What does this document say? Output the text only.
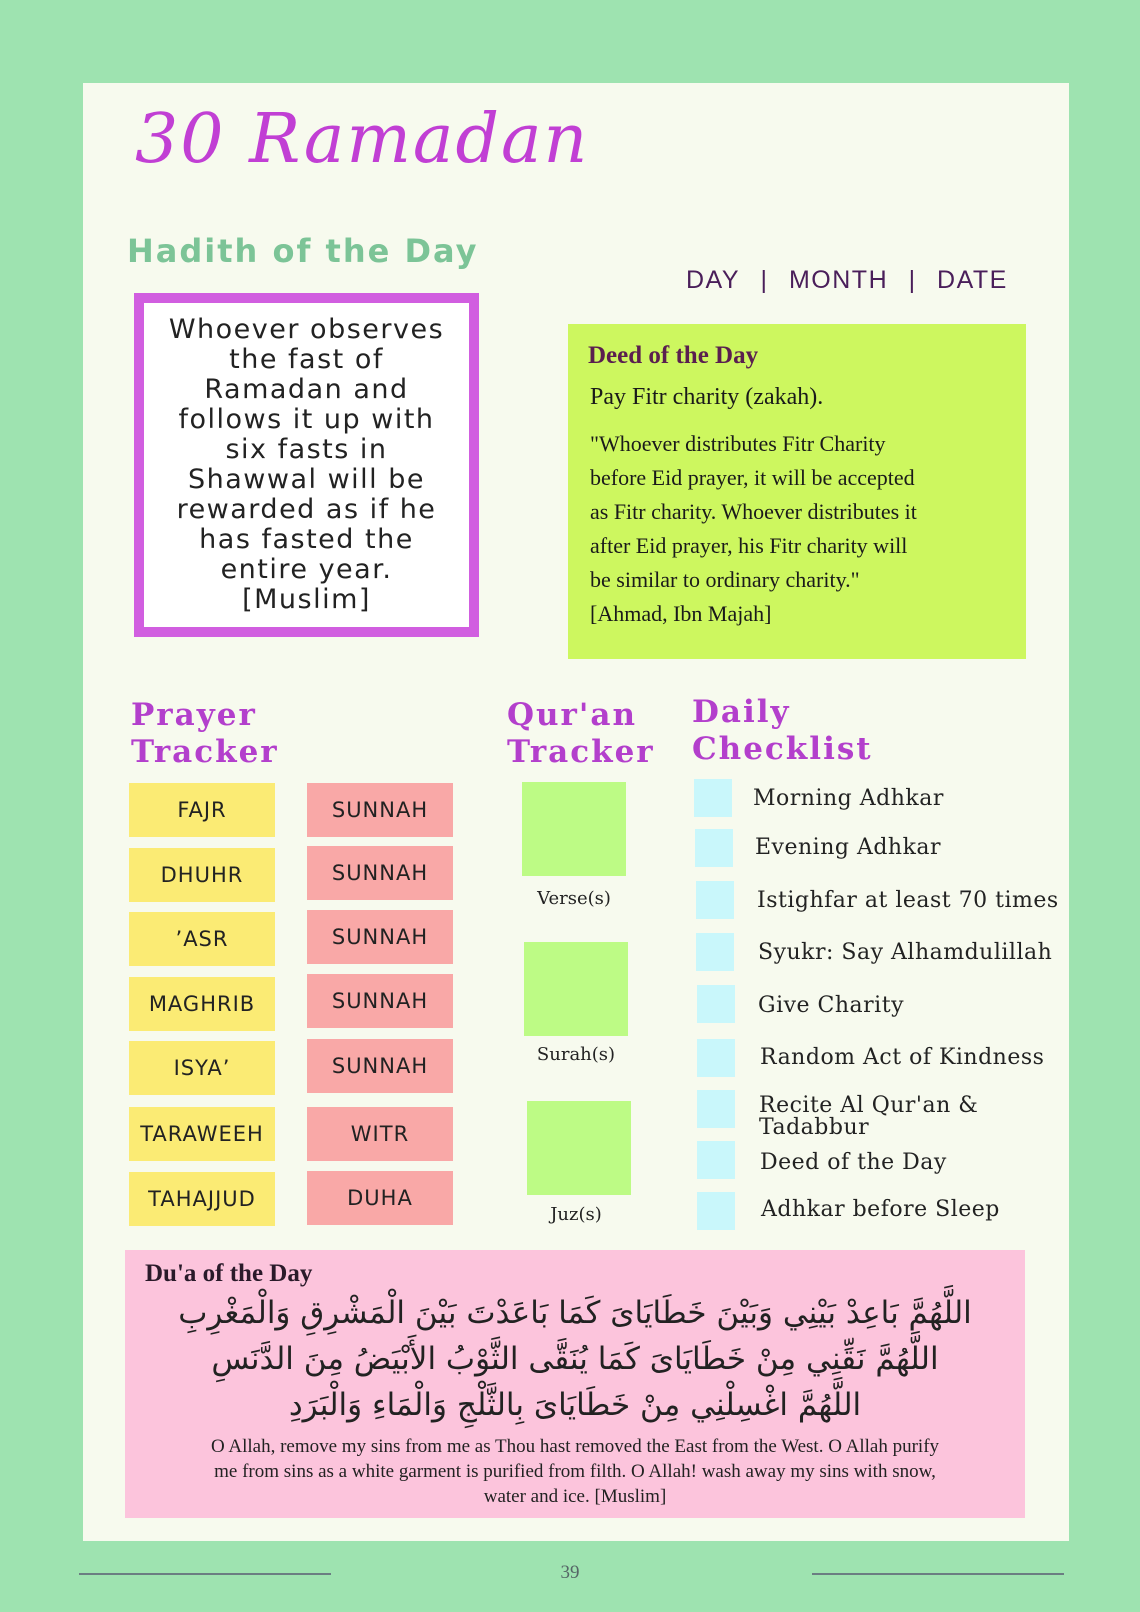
30 Ramadan
Hadith of the Day
Whoever observes
the fast of
Ramadan and
follows it up with
six fasts in
Shawwal will be
rewarded as if he
has fasted the
entire year.
[Muslim]
DAY | MONTH | DATE
Deed of the Day
Pay Fitr charity (zakah).
"Whoever distributes Fitr Charity
before Eid prayer, it will be accepted
as Fitr charity. Whoever distributes it
after Eid prayer, his Fitr charity will
be similar to ordinary charity."
[Ahmad, Ibn Majah]
Prayer
Tracker
Qur'an
Tracker
Daily
Checklist
FAJR
DHUHR
’ASR
MAGHRIB
ISYA’
TARAWEEH
TAHAJJUD
SUNNAH
SUNNAH
SUNNAH
SUNNAH
SUNNAH
WITR
DUHA
Verse(s)
Surah(s)
Juz(s)
Morning Adhkar
Evening Adhkar
Istighfar at least 70 times
Syukr: Say Alhamdulillah
Give Charity
Random Act of Kindness
Recite Al Qur'an &
Tadabbur
Deed of the Day
Adhkar before Sleep
Du'a of the Day
اللَّهُمَّ بَاعِدْ بَيْنِي وَبَيْنَ خَطَايَاىَ كَمَا بَاعَدْتَ بَيْنَ الْمَشْرِقِ وَالْمَغْرِبِ
اللَّهُمَّ نَقِّنِي مِنْ خَطَايَاىَ كَمَا يُنَقَّى الثَّوْبُ الأَبْيَضُ مِنَ الدَّنَسِ
اللَّهُمَّ اغْسِلْنِي مِنْ خَطَايَاىَ بِالثَّلْجِ وَالْمَاءِ وَالْبَرَدِ
O Allah, remove my sins from me as Thou hast removed the East from the West. O Allah purify
me from sins as a white garment is purified from filth. O Allah! wash away my sins with snow,
water and ice. [Muslim]
39
